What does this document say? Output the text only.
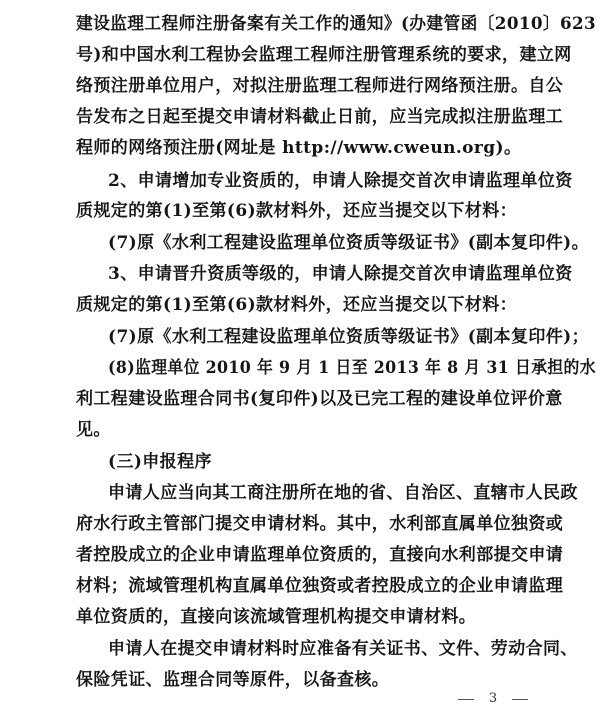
建设监理工程师注册备案有关工作的通知》(办建管函〔2010〕623
号)和中国水利工程协会监理工程师注册管理系统的要求，建立网
络预注册单位用户，对拟注册监理工程师进行网络预注册。自公
告发布之日起至提交申请材料截止日前，应当完成拟注册监理工
程师的网络预注册(网址是 http://www.cweun.org)。
2、申请增加专业资质的，申请人除提交首次申请监理单位资
质规定的第(1)至第(6)款材料外，还应当提交以下材料：
(7)原《水利工程建设监理单位资质等级证书》(副本复印件)。
3、申请晋升资质等级的，申请人除提交首次申请监理单位资
质规定的第(1)至第(6)款材料外，还应当提交以下材料：
(7)原《水利工程建设监理单位资质等级证书》(副本复印件)；
(8)监理单位 2010 年 9 月 1 日至 2013 年 8 月 31 日承担的水
利工程建设监理合同书(复印件)以及已完工程的建设单位评价意
见。
(三)申报程序
申请人应当向其工商注册所在地的省、自治区、直辖市人民政
府水行政主管部门提交申请材料。其中，水利部直属单位独资或
者控股成立的企业申请监理单位资质的，直接向水利部提交申请
材料；流域管理机构直属单位独资或者控股成立的企业申请监理
单位资质的，直接向该流域管理机构提交申请材料。
申请人在提交申请材料时应准备有关证书、文件、劳动合同、
保险凭证、监理合同等原件，以备查核。
3
